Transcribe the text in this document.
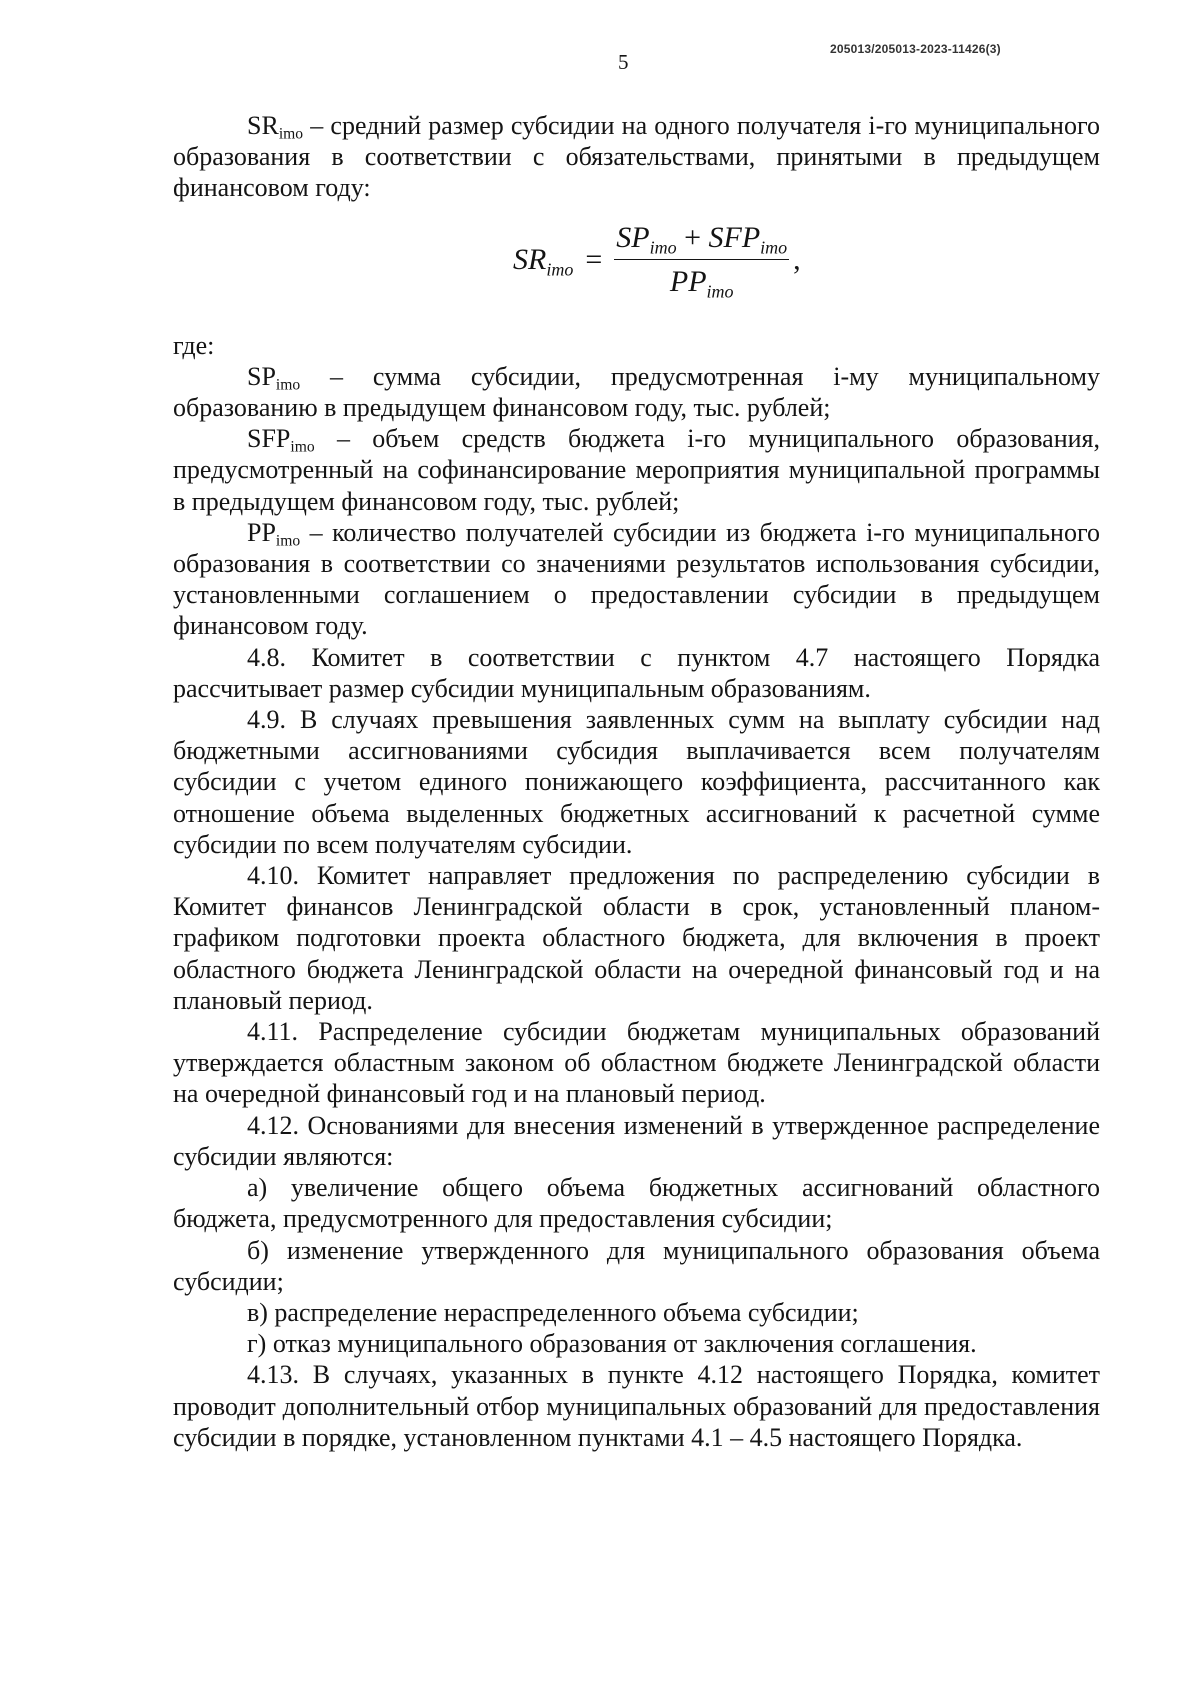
205013/205013-2023-11426(3)
5

$SR_{imo}$ – средний размер субсидии на одного получателя і-го муниципального образования в соответствии с обязательствами, принятыми в предыдущем финансовом году:

$SR_{imo} = \frac{SP_{imo} + SFP_{imo}}{PP_{imo}}$ ,

где:

$SP_{imo}$ – сумма субсидии, предусмотренная і-му муниципальному образованию в предыдущем финансовом году, тыс. рублей;

$SFP_{imo}$ – объем средств бюджета і-го муниципального образования, предусмотренный на софинансирование мероприятия муниципальной программы в предыдущем финансовом году, тыс. рублей;

$PP_{imo}$ – количество получателей субсидии из бюджета і-го муниципального образования в соответствии со значениями результатов использования субсидии, установленными соглашением о предоставлении субсидии в предыдущем финансовом году.

4.8. Комитет в соответствии с пунктом 4.7 настоящего Порядка рассчитывает размер субсидии муниципальным образованиям.

4.9. В случаях превышения заявленных сумм на выплату субсидии над бюджетными ассигнованиями субсидия выплачивается всем получателям субсидии с учетом единого понижающего коэффициента, рассчитанного как отношение объема выделенных бюджетных ассигнований к расчетной сумме субсидии по всем получателям субсидии.

4.10. Комитет направляет предложения по распределению субсидии в Комитет финансов Ленинградской области в срок, установленный планом-графиком подготовки проекта областного бюджета, для включения в проект областного бюджета Ленинградской области на очередной финансовый год и на плановый период.

4.11. Распределение субсидии бюджетам муниципальных образований утверждается областным законом об областном бюджете Ленинградской области на очередной финансовый год и на плановый период.

4.12. Основаниями для внесения изменений в утвержденное распределение субсидии являются:

а) увеличение общего объема бюджетных ассигнований областного бюджета, предусмотренного для предоставления субсидии;

б) изменение утвержденного для муниципального образования объема субсидии;

в) распределение нераспределенного объема субсидии;

г) отказ муниципального образования от заключения соглашения.

4.13. В случаях, указанных в пункте 4.12 настоящего Порядка, комитет проводит дополнительный отбор муниципальных образований для предоставления субсидии в порядке, установленном пунктами 4.1 – 4.5 настоящего Порядка.
